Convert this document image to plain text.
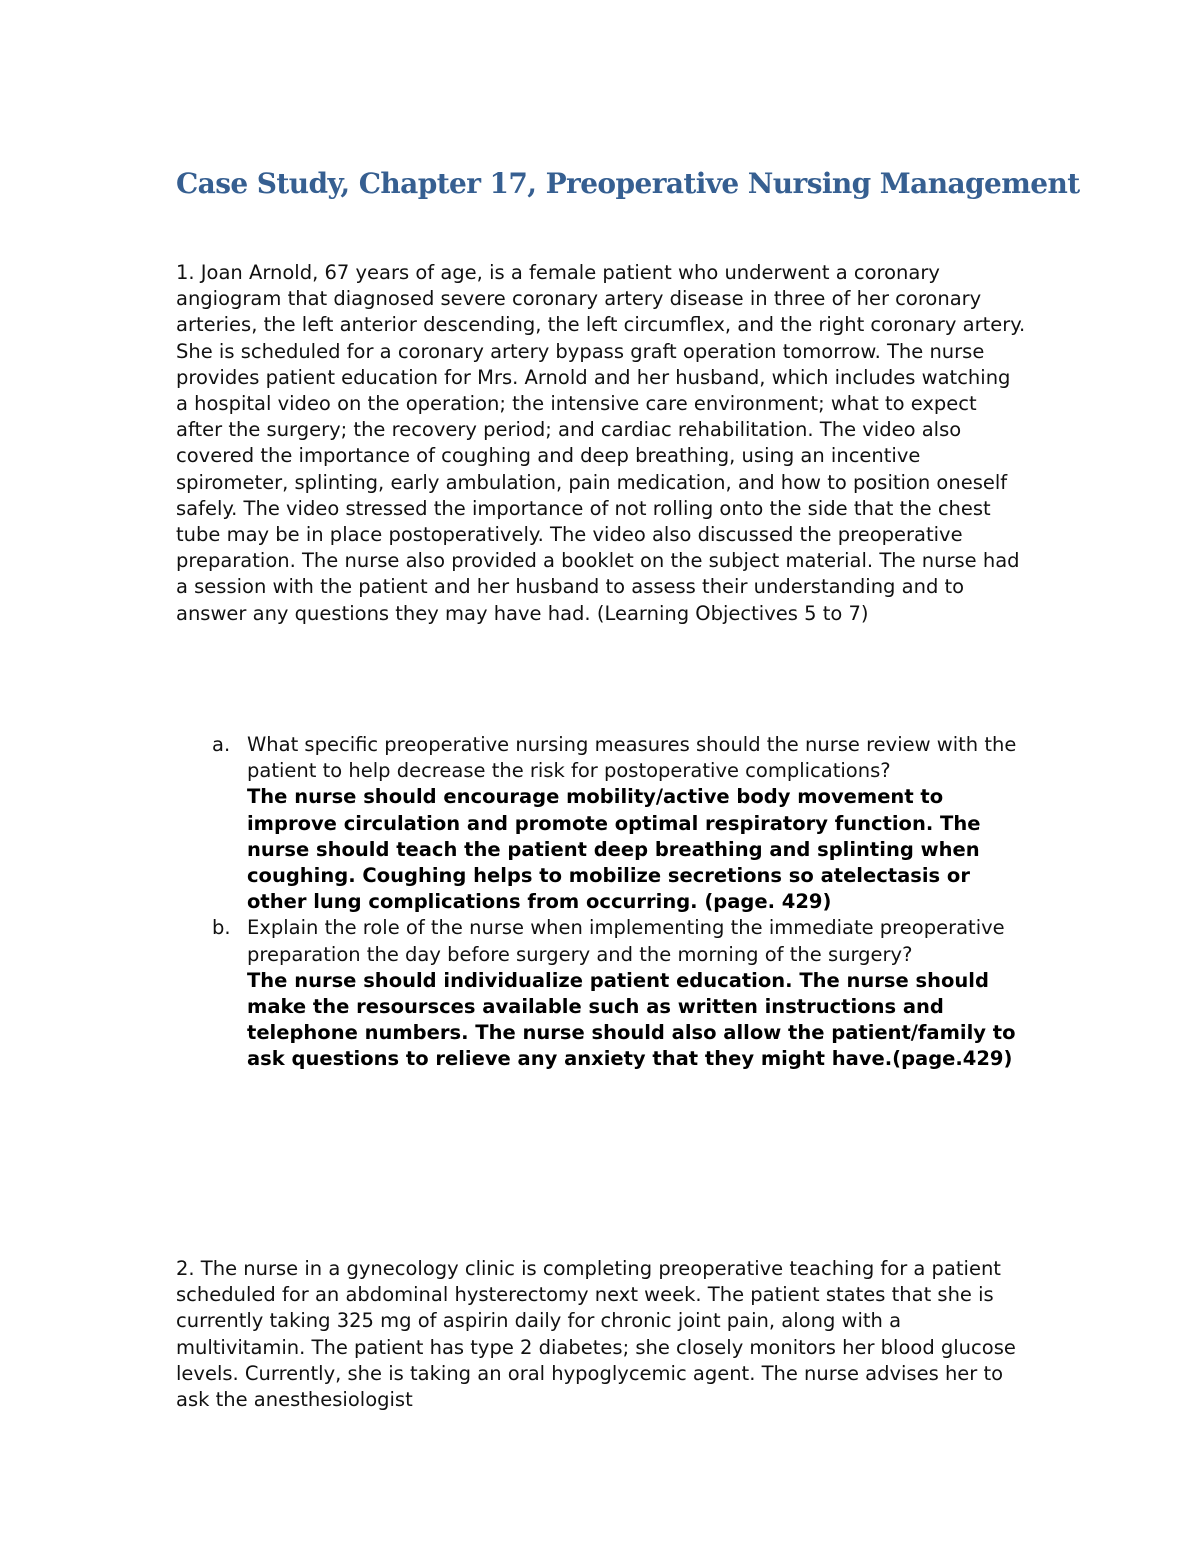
Case Study, Chapter 17, Preoperative Nursing Management

1. Joan Arnold, 67 years of age, is a female patient who underwent a coronary angiogram that diagnosed severe coronary artery disease in three of her coronary arteries, the left anterior descending, the left circumflex, and the right coronary artery. She is scheduled for a coronary artery bypass graft operation tomorrow. The nurse provides patient education for Mrs. Arnold and her husband, which includes watching a hospital video on the operation; the intensive care environment; what to expect after the surgery; the recovery period; and cardiac rehabilitation. The video also covered the importance of coughing and deep breathing, using an incentive spirometer, splinting, early ambulation, pain medication, and how to position oneself safely. The video stressed the importance of not rolling onto the side that the chest tube may be in place postoperatively. The video also discussed the preoperative preparation. The nurse also provided a booklet on the subject material. The nurse had a session with the patient and her husband to assess their understanding and to answer any questions they may have had. (Learning Objectives 5 to 7)

a. What specific preoperative nursing measures should the nurse review with the patient to help decrease the risk for postoperative complications?
The nurse should encourage mobility/active body movement to improve circulation and promote optimal respiratory function. The nurse should teach the patient deep breathing and splinting when coughing. Coughing helps to mobilize secretions so atelectasis or other lung complications from occurring. (page. 429)
b. Explain the role of the nurse when implementing the immediate preoperative preparation the day before surgery and the morning of the surgery?
The nurse should individualize patient education. The nurse should make the resoursces available such as written instructions and telephone numbers. The nurse should also allow the patient/family to ask questions to relieve any anxiety that they might have.(page.429)

2. The nurse in a gynecology clinic is completing preoperative teaching for a patient scheduled for an abdominal hysterectomy next week. The patient states that she is currently taking 325 mg of aspirin daily for chronic joint pain, along with a multivitamin. The patient has type 2 diabetes; she closely monitors her blood glucose levels. Currently, she is taking an oral hypoglycemic agent. The nurse advises her to ask the anesthesiologist
